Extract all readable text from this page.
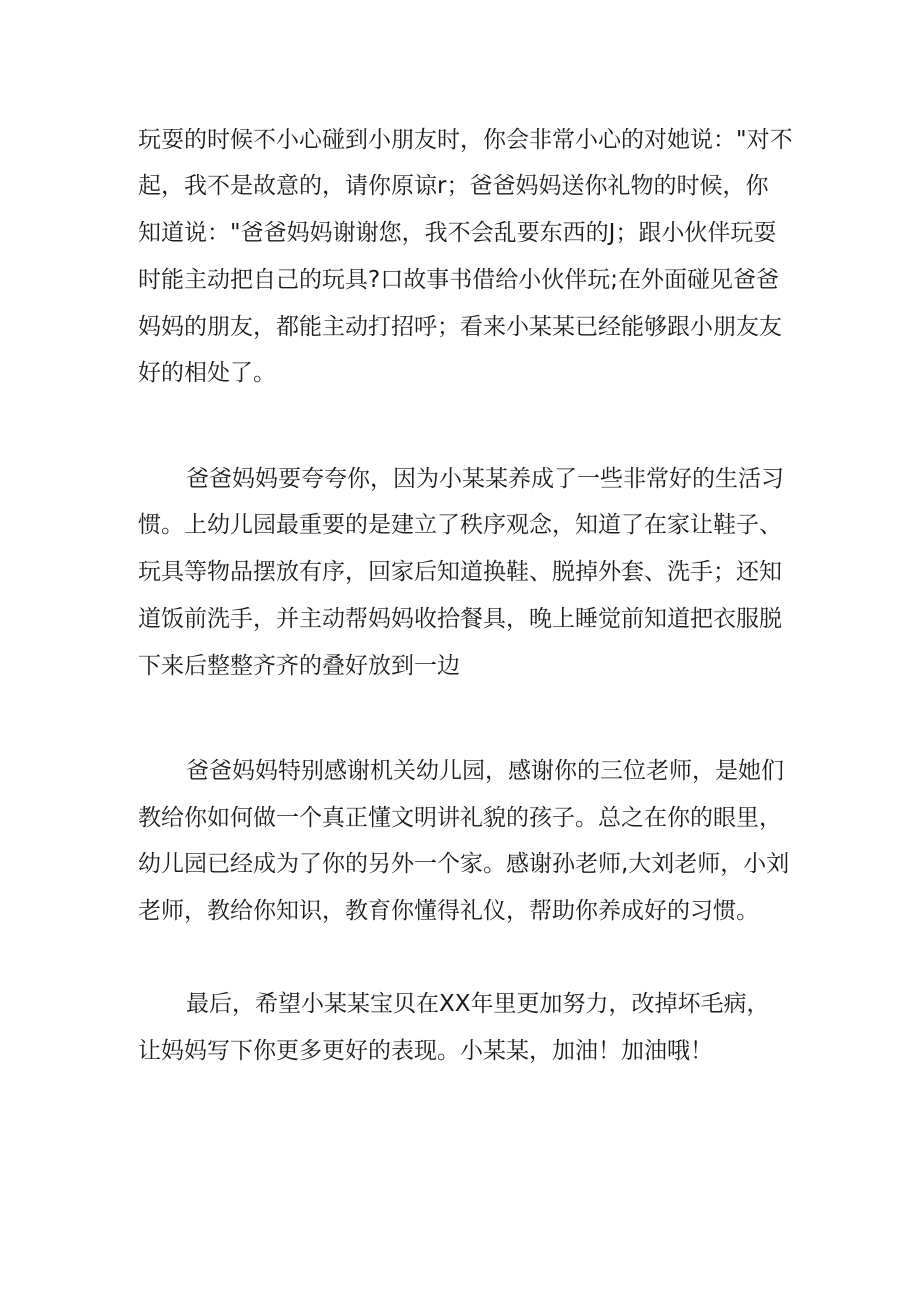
玩耍的时候不小心碰到小朋友时，你会非常小心的对她说："对不
起，我不是故意的，请你原谅r；爸爸妈妈送你礼物的时候，你
知道说："爸爸妈妈谢谢您，我不会乱要东西的J；跟小伙伴玩耍
时能主动把自己的玩具?口故事书借给小伙伴玩;在外面碰见爸爸
妈妈的朋友，都能主动打招呼；看来小某某已经能够跟小朋友友
好的相处了。
爸爸妈妈要夸夸你，因为小某某养成了一些非常好的生活习
惯。上幼儿园最重要的是建立了秩序观念，知道了在家让鞋子、
玩具等物品摆放有序，回家后知道换鞋、脱掉外套、洗手；还知
道饭前洗手，并主动帮妈妈收拾餐具，晚上睡觉前知道把衣服脱
下来后整整齐齐的叠好放到一边
爸爸妈妈特别感谢机关幼儿园，感谢你的三位老师，是她们
教给你如何做一个真正懂文明讲礼貌的孩子。总之在你的眼里，
幼儿园已经成为了你的另外一个家。感谢孙老师,大刘老师，小刘
老师，教给你知识，教育你懂得礼仪，帮助你养成好的习惯。
最后，希望小某某宝贝在XX年里更加努力，改掉坏毛病，
让妈妈写下你更多更好的表现。小某某，加油！加油哦！
